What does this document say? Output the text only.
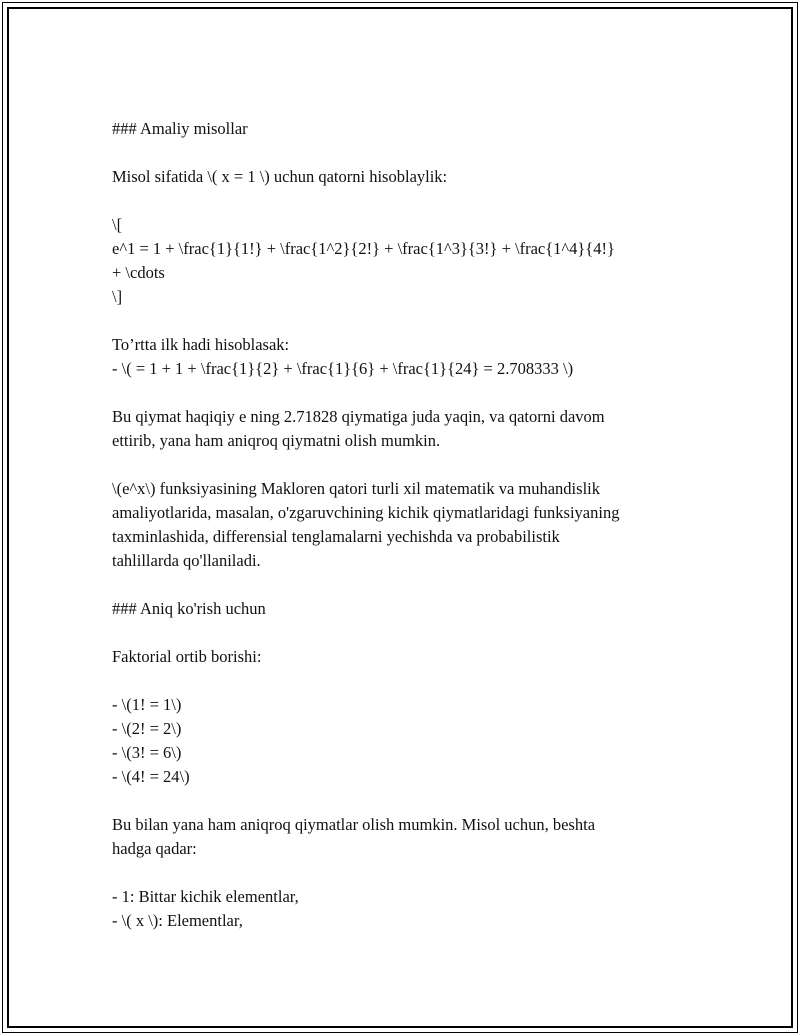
### Amaliy misollar
Misol sifatida \( x = 1 \) uchun qatorni hisoblaylik:
\[
e^1 = 1 + \frac{1}{1!} + \frac{1^2}{2!} + \frac{1^3}{3!} + \frac{1^4}{4!}
+ \cdots
\]
To’rtta ilk hadi hisoblasak:
- \( = 1 + 1 + \frac{1}{2} + \frac{1}{6} + \frac{1}{24} = 2.708333 \)
Bu qiymat haqiqiy e ning 2.71828 qiymatiga juda yaqin, va qatorni davom
ettirib, yana ham aniqroq qiymatni olish mumkin.
\(e^x\) funksiyasining Makloren qatori turli xil matematik va muhandislik
amaliyotlarida, masalan, o'zgaruvchining kichik qiymatlaridagi funksiyaning
taxminlashida, differensial tenglamalarni yechishda va probabilistik
tahlillarda qo'llaniladi.
### Aniq ko'rish uchun
Faktorial ortib borishi:
- \(1! = 1\)
- \(2! = 2\)
- \(3! = 6\)
- \(4! = 24\)
Bu bilan yana ham aniqroq qiymatlar olish mumkin. Misol uchun, beshta
hadga qadar:
- 1: Bittar kichik elementlar,
- \( x \): Elementlar,
